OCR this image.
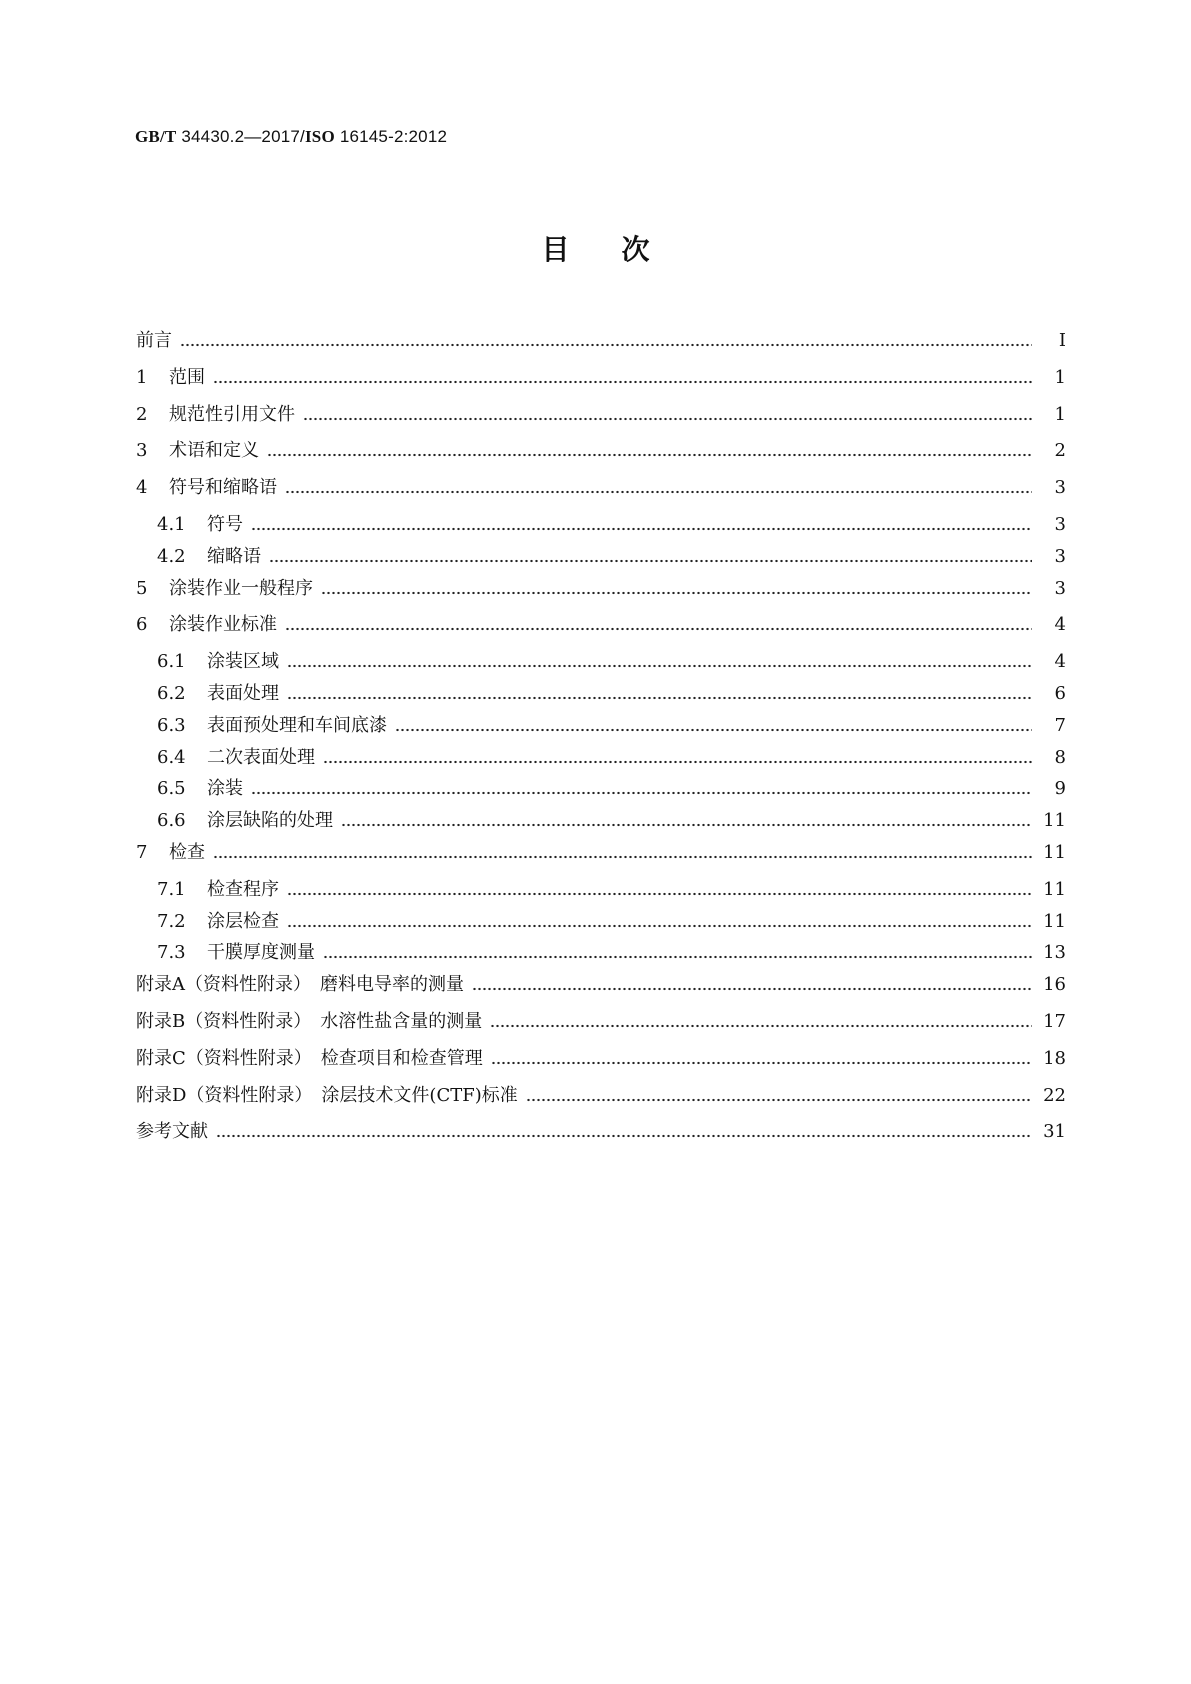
GB/T 34430.2—2017/ISO 16145-2:2012
目次
前言	Ⅰ
1	范围	1
2	规范性引用文件	1
3	术语和定义	2
4	符号和缩略语	3
4.1	符号	3
4.2	缩略语	3
5	涂装作业一般程序	3
6	涂装作业标准	4
6.1	涂装区域	4
6.2	表面处理	6
6.3	表面预处理和车间底漆	7
6.4	二次表面处理	8
6.5	涂装	9
6.6	涂层缺陷的处理	11
7	检查	11
7.1	检查程序	11
7.2	涂层检查	11
7.3	干膜厚度测量	13
附录A（资料性附录）　磨料电导率的测量	16
附录B（资料性附录）　水溶性盐含量的测量	17
附录C（资料性附录）　检查项目和检查管理	18
附录D（资料性附录）　涂层技术文件(CTF)标准	22
参考文献	31
